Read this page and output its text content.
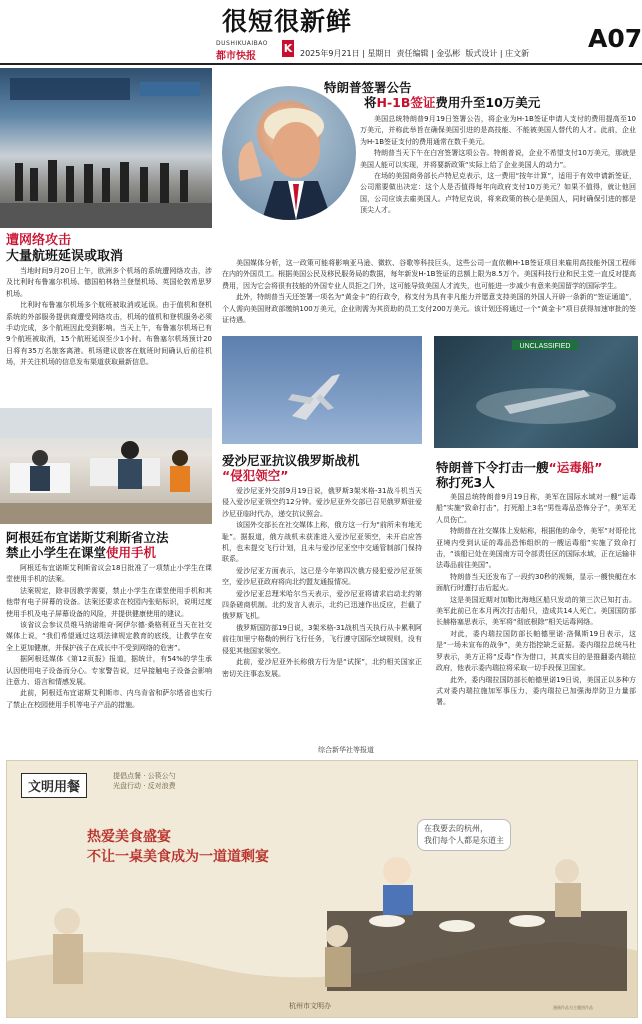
很短很新鲜
DUSHIKUAIBAO
都市快报
K 2025年9月21日 | 星期日 责任编辑 | 金弘彬 版式设计 | 庄文新
A07
遭网络攻击
大量航班延误或取消

当地时间9月20日上午，欧洲多个机场的系统遭网络攻击，涉及比利时布鲁塞尔机场、德国柏林勃兰登堡机场、英国伦敦希思罗机场。

比利时布鲁塞尔机场多个航班被取消或延误。由于值机和登机系统的外部服务提供商遭受网络攻击，机场的值机和登机服务必须手动完成，多个航班因此受到影响。当天上午，布鲁塞尔机场已有9个航班被取消，15个航班延误至少1小时。布鲁塞尔机场预计20日将有35万名旅客离港。机场建议旅客在航班时间确认后前往机场，并关注机场的信息发布渠道获取最新信息。

阿根廷布宜诺斯艾利斯省立法
禁止小学生在课堂使用手机

阿根廷布宜诺斯艾利斯省议会18日批准了一项禁止小学生在课堂使用手机的法案。

法案规定，除非因教学需要，禁止小学生在课堂使用手机和其他带有电子屏幕的设备。法案还要求在校园内张贴标识，说明过度使用手机及电子屏幕设备的风险，并提供健康使用的建议。

该省议会参议员维马纳诺维奇·阿伊尔德·桑格利亚当天在社交媒体上说，“我们希望通过这项法律规定教育的底线，让教学在安全上更加健康，并保护孩子在成长中不受到网络的危害”。

据阿根廷媒体《第12页报》报道，据统计，有54%的学生承认因使用电子设备而分心。专家警告说，过早接触电子设备会影响注意力、语言和情感发展。

此前，阿根廷布宜诺斯艾利斯市、内乌肯省和萨尔塔省也实行了禁止在校园使用手机等电子产品的措施。

特朗普签署公告
将H-1B签证费用升至10万美元

美国总统特朗普9月19日签署公告，将企业为H-1B签证申请人支付的费用提高至10万美元，并称此举旨在确保美国引进的是高技能、不能被美国人替代的人才。此前，企业为H-1B签证支付的费用通常在数千美元。

特朗普当天下午在白宫签署这项公告。特朗普说，企业不希望支付10万美元，那就是美国人能可以实现，并将要新政策“实际上给了企业美国人的动力”。

在场的美国商务部长卢特尼克表示，这一费用“按年计算”，适用于有效申请新签证，公司需要做出决定：这个人是否值得每年向政府支付10万美元？如果不值得，就让他回国，公司应该去雇美国人。卢特尼克说，将来政策的核心是美国人，同时确保引进的都是顶尖人才。

美国媒体分析，这一政策可能将影响亚马逊、微软、谷歌等科技巨头，这些公司一直依赖H-1B签证项目来雇用高技能外国工程师在内的外国员工。根据美国公民及移民服务局的数据，每年新发H-1B签证的总额上限为8.5万个。美国科技行业和民主党一直反对提高费用，因为它会将很有技能的外国专业人员拒之门外，这可能导致美国人才流失，也可能进一步减少有意来美国留学的国际学生。

此外，特朗普当天还签署一项名为“黄金卡”的行政令，称支付为具有非凡能力并愿意支持美国的外国人开辟一条新的“签证通道”，个人需向美国财政部缴纳100万美元，企业则需为其资助的员工支付200万美元。该计划还将通过一个“黄金卡”项目获得加速审批的签证待遇。

爱沙尼亚抗议俄罗斯战机
“侵犯领空”

爱沙尼亚外交部9月19日说，俄罗斯3架米格-31战斗机当天侵入爱沙尼亚领空约12分钟。爱沙尼亚外交部已召见俄罗斯驻爱沙尼亚临时代办，递交抗议照会。

该国外交部长在社交媒体上称，俄方这一行为“前所未有地无耻”。据报道，俄方战机未获准进入爱沙尼亚领空，未开启应答机，也未提交飞行计划，且未与爱沙尼亚空中交通管制部门保持联系。

爱沙尼亚方面表示，这已是今年第四次俄方侵犯爱沙尼亚领空，爱沙尼亚政府将向北约盟友通报情况。

爱沙尼亚总理米哈尔当天表示，爱沙尼亚将请求启动北约第四条磋商机制。北约发言人表示，北约已迅速作出反应，拦截了俄罗斯飞机。

俄罗斯国防部19日说，3架米格-31战机当天执行从卡累利阿前往加里宁格勒的例行飞行任务，飞行遵守国际空域规则，没有侵犯其他国家领空。

此前，爱沙尼亚外长称俄方行为是“试探”，北约相关国家正密切关注事态发展。

UNCLASSIFIED
特朗普下令打击一艘“运毒船”
称打死3人

美国总统特朗普9月19日称，美军在国际水域对一艘“运毒船”实施“致命打击”，打死船上3名“男性毒品恐怖分子”，美军无人员伤亡。

特朗普在社交媒体上发帖称，根据他的命令，美军“对哥伦比亚境内受到认证的毒品恐怖组织的一艘运毒船”实施了致命打击，“该船已处在美国南方司令部责任区的国际水域，正在运输非法毒品前往美国”。

特朗普当天还发布了一段约30秒的视频，显示一艘快艇在水面航行时遭打击后起火。

这是美国近期对加勒比海地区船只发动的第三次已知打击。美军此前已在本月两次打击船只，造成共14人死亡。美国国防部长赫格塞思表示，美军将“彻底根除”相关运毒网络。

对此，委内瑞拉国防部长帕德里诺·洛佩斯19日表示，这是“一场未宣布的战争”，美方指控缺乏证据。委内瑞拉总统马杜罗表示，美方正将“反毒”作为借口，其真实目的是推翻委内瑞拉政府，他表示委内瑞拉将采取一切手段保卫国家。

此外，委内瑞拉国防部长帕德里诺19日说，美国正以多种方式对委内瑞拉施加军事压力，委内瑞拉已加强海岸防卫力量部署。

综合新华社等报道
文明用餐
提倡点餐 · 公筷公勺
光盘行动 · 反对浪费
热爱美食盛宴
不让一桌美食成为一道道剩宴
在我要去的杭州，
我们每个人都是东道主
杭州市文明办	漫画作品为主题创作品
